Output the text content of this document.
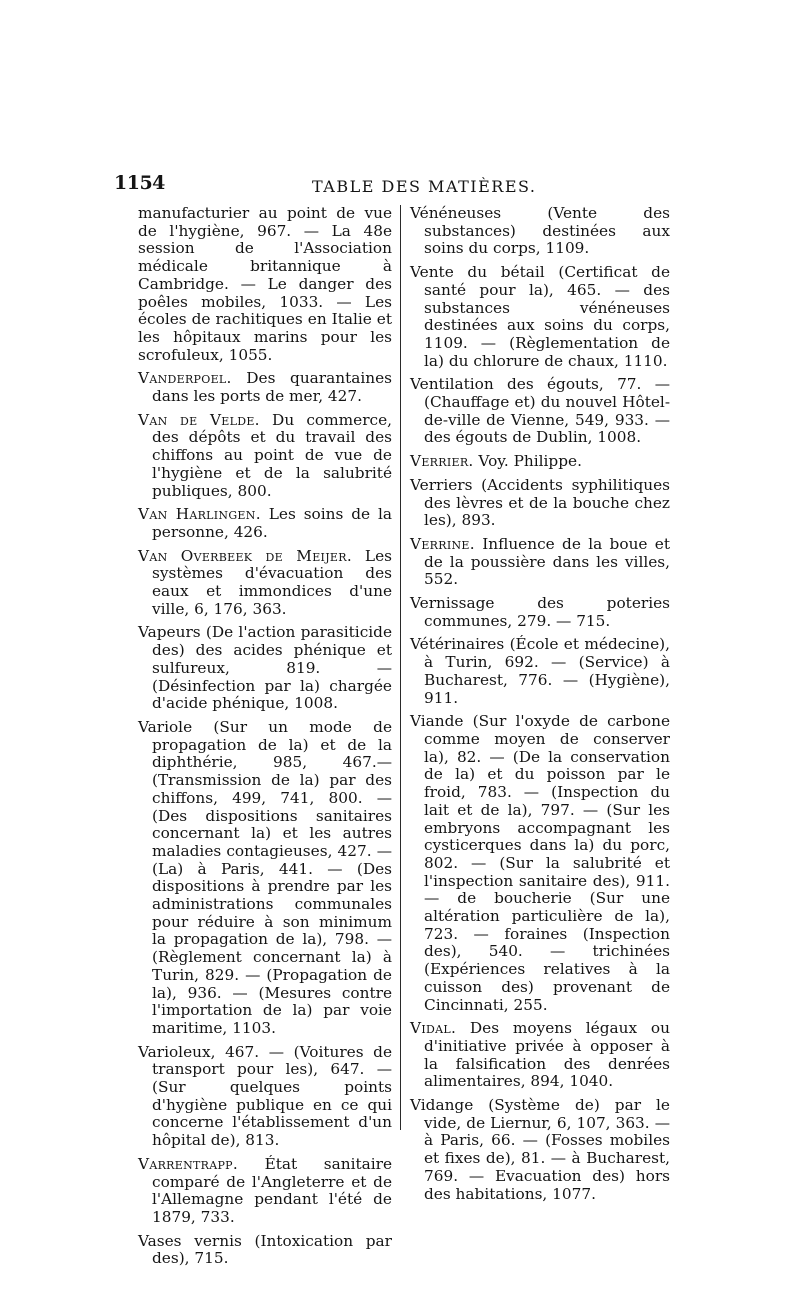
1154	TABLE DES MATIÈRES.

manufacturier au point de vue de l'hygiène, 967. — La 48e session de l'Association médicale britannique à Cambridge. — Le danger des poêles mobiles, 1033. — Les écoles de rachitiques en Italie et les hôpitaux marins pour les scrofuleux, 1055.

Vanderpoel. Des quarantaines dans les ports de mer, 427.

Van de Velde. Du commerce, des dépôts et du travail des chiffons au point de vue de l'hygiène et de la salubrité publiques, 800.

Van Harlingen. Les soins de la personne, 426.

Van Overbeek de Meijer. Les systèmes d'évacuation des eaux et immondices d'une ville, 6, 176, 363.

Vapeurs (De l'action parasiticide des) des acides phénique et sulfureux, 819. — (Désinfection par la) chargée d'acide phénique, 1008.

Variole (Sur un mode de propagation de la) et de la diphthérie, 985, 467.—(Transmission de la) par des chiffons, 499, 741, 800. — (Des dispositions sanitaires concernant la) et les autres maladies contagieuses, 427. — (La) à Paris, 441. — (Des dispositions à prendre par les administrations communales pour réduire à son minimum la propagation de la), 798. — (Règlement concernant la) à Turin, 829. — (Propagation de la), 936. — (Mesures contre l'importation de la) par voie maritime, 1103.

Varioleux, 467. — (Voitures de transport pour les), 647. — (Sur quelques points d'hygiène publique en ce qui concerne l'établissement d'un hôpital de), 813.

Varrentrapp. État sanitaire comparé de l'Angleterre et de l'Allemagne pendant l'été de 1879, 733.

Vases vernis (Intoxication par des), 715.

Vénéneuses (Vente des substances) destinées aux soins du corps, 1109.

Vente du bétail (Certificat de santé pour la), 465. — des substances vénéneuses destinées aux soins du corps, 1109. — (Règlementation de la) du chlorure de chaux, 1110.

Ventilation des égouts, 77. — (Chauffage et) du nouvel Hôtel-de-ville de Vienne, 549, 933. — des égouts de Dublin, 1008.

Verrier. Voy. Philippe.

Verriers (Accidents syphilitiques des lèvres et de la bouche chez les), 893.

Verrine. Influence de la boue et de la poussière dans les villes, 552.

Vernissage des poteries communes, 279. — 715.

Vétérinaires (École et médecine), à Turin, 692. — (Service) à Bucharest, 776. — (Hygiène), 911.

Viande (Sur l'oxyde de carbone comme moyen de conserver la), 82. — (De la conservation de la) et du poisson par le froid, 783. — (Inspection du lait et de la), 797. — (Sur les embryons accompagnant les cysticerques dans la) du porc, 802. — (Sur la salubrité et l'inspection sanitaire des), 911. — de boucherie (Sur une altération particulière de la), 723. — foraines (Inspection des), 540. — trichinées (Expériences relatives à la cuisson des) provenant de Cincinnati, 255.

Vidal. Des moyens légaux ou d'initiative privée à opposer à la falsification des denrées alimentaires, 894, 1040.

Vidange (Système de) par le vide, de Liernur, 6, 107, 363. — à Paris, 66. — (Fosses mobiles et fixes de), 81. — à Bucharest, 769. — Evacuation des) hors des habitations, 1077.
